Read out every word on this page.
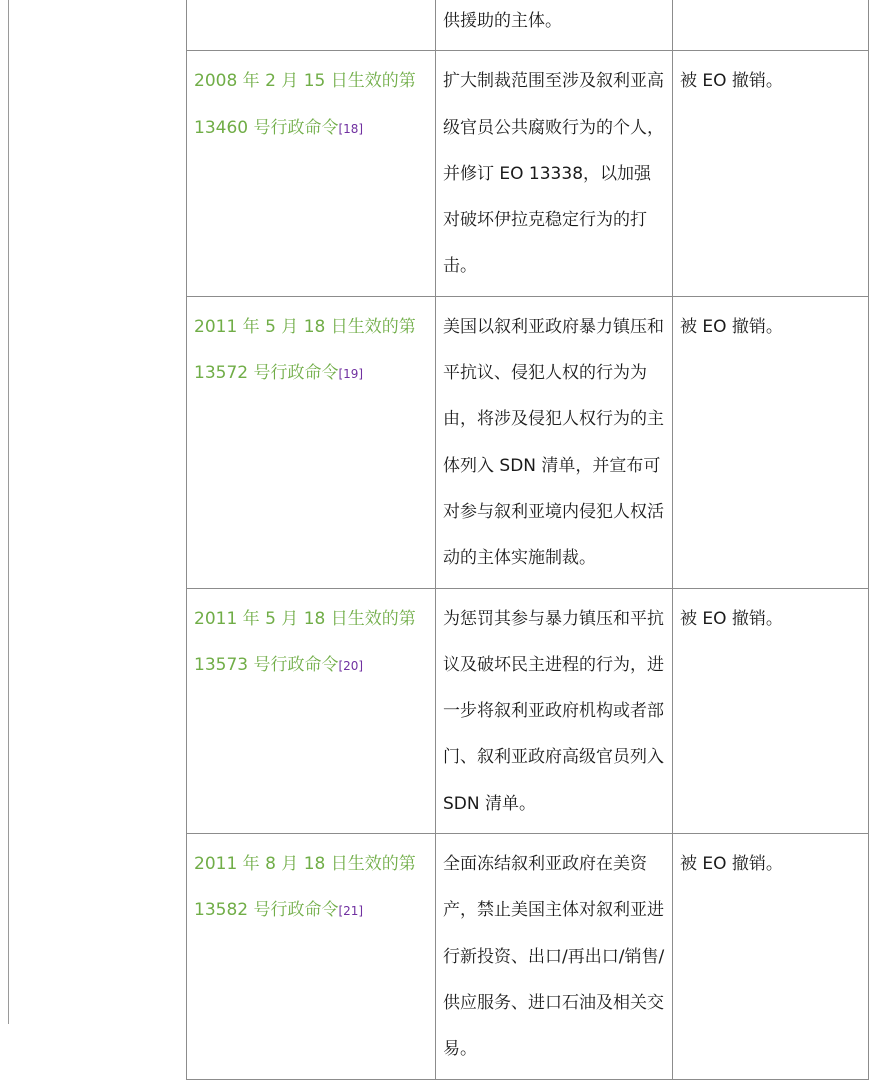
	供援助的主体。	
2008 年 2 月 15 日生效的第 13460 号行政命令[18]	扩大制裁范围至涉及叙利亚高级官员公共腐败行为的个人，并修订 EO 13338，以加强对破坏伊拉克稳定行为的打击。	被 EO 撤销。
2011 年 5 月 18 日生效的第 13572 号行政命令[19]	美国以叙利亚政府暴力镇压和平抗议、侵犯人权的行为为由，将涉及侵犯人权行为的主体列入 SDN 清单，并宣布可对参与叙利亚境内侵犯人权活动的主体实施制裁。	被 EO 撤销。
2011 年 5 月 18 日生效的第 13573 号行政命令[20]	为惩罚其参与暴力镇压和平抗议及破坏民主进程的行为，进一步将叙利亚政府机构或者部门、叙利亚政府高级官员列入 SDN 清单。	被 EO 撤销。
2011 年 8 月 18 日生效的第 13582 号行政命令[21]	全面冻结叙利亚政府在美资产，禁止美国主体对叙利亚进行新投资、出口/再出口/销售/供应服务、进口石油及相关交易。	被 EO 撤销。
